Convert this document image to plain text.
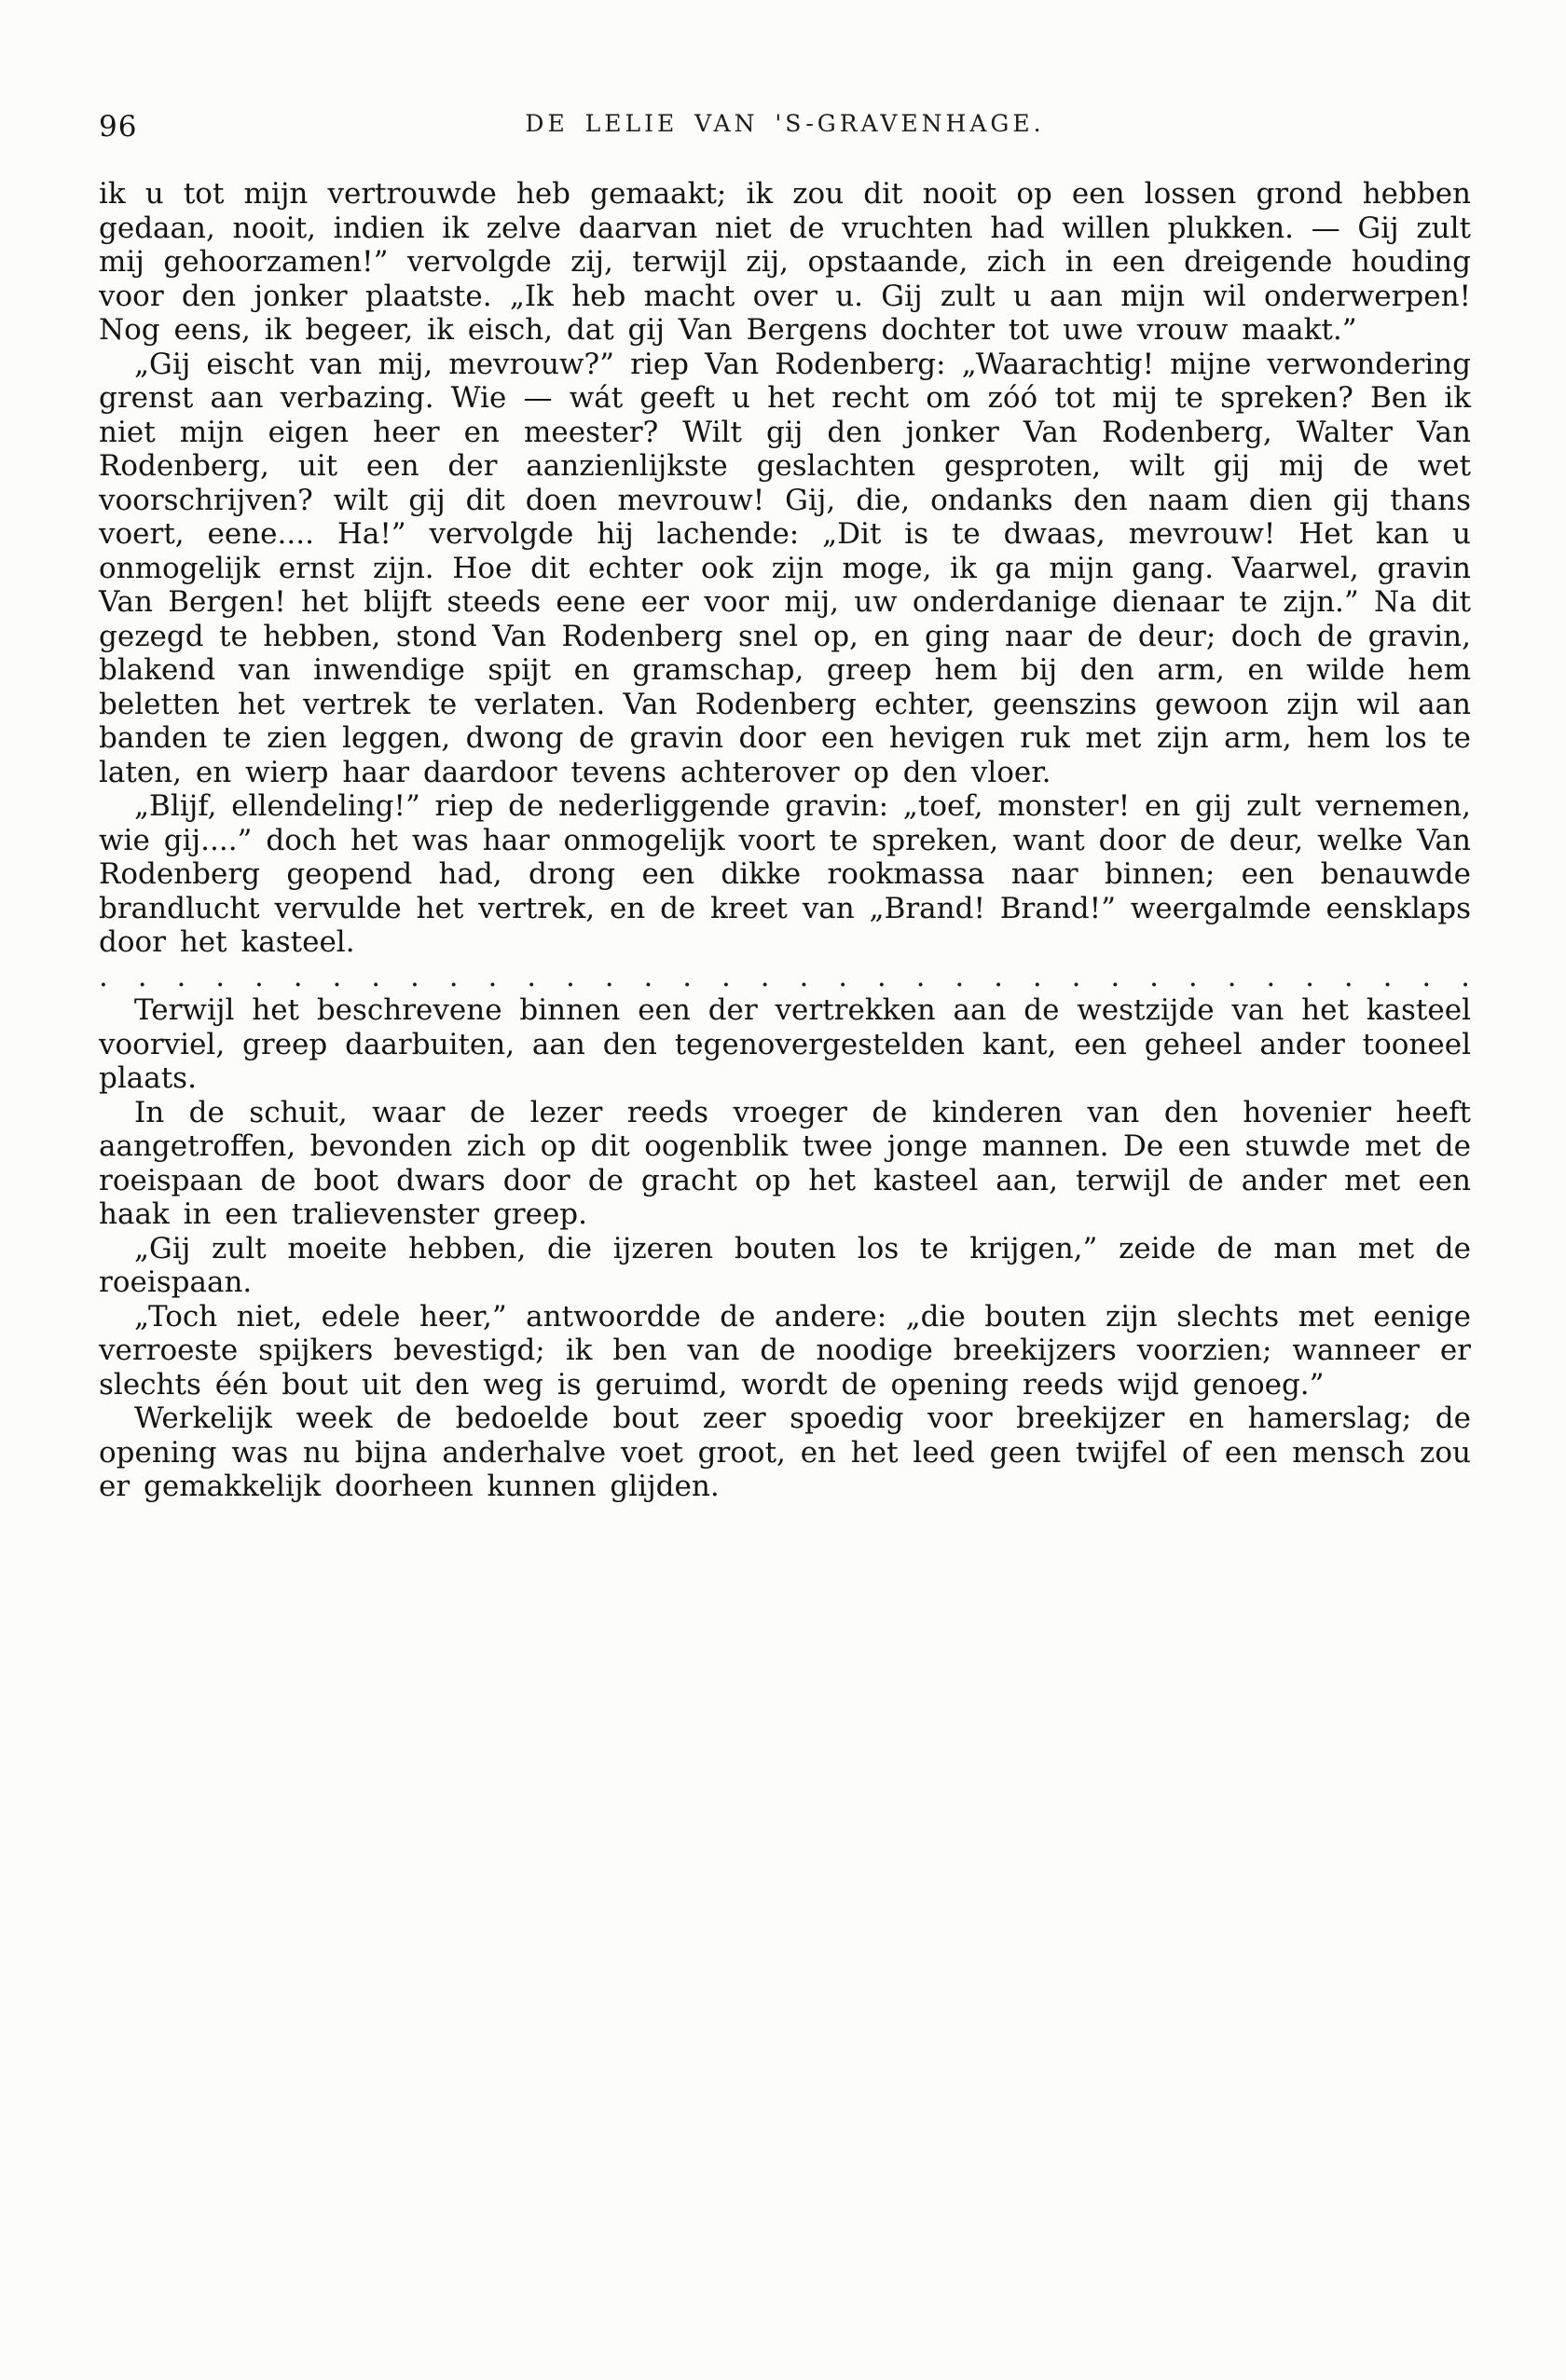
96	DE LELIE VAN 'S-GRAVENHAGE.

ik u tot mijn vertrouwde heb gemaakt; ik zou dit nooit op een lossen grond hebben gedaan, nooit, indien ik zelve daarvan niet de vruchten had willen plukken. — Gij zult mij gehoorzamen!” vervolgde zij, terwijl zij, opstaande, zich in een dreigende houding voor den jonker plaatste. „Ik heb macht over u. Gij zult u aan mijn wil onderwerpen! Nog eens, ik begeer, ik eisch, dat gij Van Bergens dochter tot uwe vrouw maakt.”

„Gij eischt van mij, mevrouw?” riep Van Rodenberg: „Waarachtig! mijne verwondering grenst aan verbazing. Wie — wát geeft u het recht om zóó tot mij te spreken? Ben ik niet mijn eigen heer en meester? Wilt gij den jonker Van Rodenberg, Walter Van Rodenberg, uit een der aanzienlijkste geslachten gesproten, wilt gij mij de wet voorschrijven? wilt gij dit doen mevrouw! Gij, die, ondanks den naam dien gij thans voert, eene.... Ha!” vervolgde hij lachende: „Dit is te dwaas, mevrouw! Het kan u onmogelijk ernst zijn. Hoe dit echter ook zijn moge, ik ga mijn gang. Vaarwel, gravin Van Bergen! het blijft steeds eene eer voor mij, uw onderdanige dienaar te zijn.” Na dit gezegd te hebben, stond Van Rodenberg snel op, en ging naar de deur; doch de gravin, blakend van inwendige spijt en gramschap, greep hem bij den arm, en wilde hem beletten het vertrek te verlaten. Van Rodenberg echter, geenszins gewoon zijn wil aan banden te zien leggen, dwong de gravin door een hevigen ruk met zijn arm, hem los te laten, en wierp haar daardoor tevens achterover op den vloer.

„Blijf, ellendeling!” riep de nederliggende gravin: „toef, monster! en gij zult vernemen, wie gij....” doch het was haar onmogelijk voort te spreken, want door de deur, welke Van Rodenberg geopend had, drong een dikke rookmassa naar binnen; een benauwde brandlucht vervulde het vertrek, en de kreet van „Brand! Brand!” weergalmde eensklaps door het kasteel.

. . . . . . . . . . . . . . . . . . . . . . . . . . . . . . . . . . . .

Terwijl het beschrevene binnen een der vertrekken aan de westzijde van het kasteel voorviel, greep daarbuiten, aan den tegenovergestelden kant, een geheel ander tooneel plaats.

In de schuit, waar de lezer reeds vroeger de kinderen van den hovenier heeft aangetroffen, bevonden zich op dit oogenblik twee jonge mannen. De een stuwde met de roeispaan de boot dwars door de gracht op het kasteel aan, terwijl de ander met een haak in een tralievenster greep.

„Gij zult moeite hebben, die ijzeren bouten los te krijgen,” zeide de man met de roeispaan.

„Toch niet, edele heer,” antwoordde de andere: „die bouten zijn slechts met eenige verroeste spijkers bevestigd; ik ben van de noodige breekijzers voorzien; wanneer er slechts één bout uit den weg is geruimd, wordt de opening reeds wijd genoeg.”

Werkelijk week de bedoelde bout zeer spoedig voor breekijzer en hamerslag; de opening was nu bijna anderhalve voet groot, en het leed geen twijfel of een mensch zou er gemakkelijk doorheen kunnen glijden.
